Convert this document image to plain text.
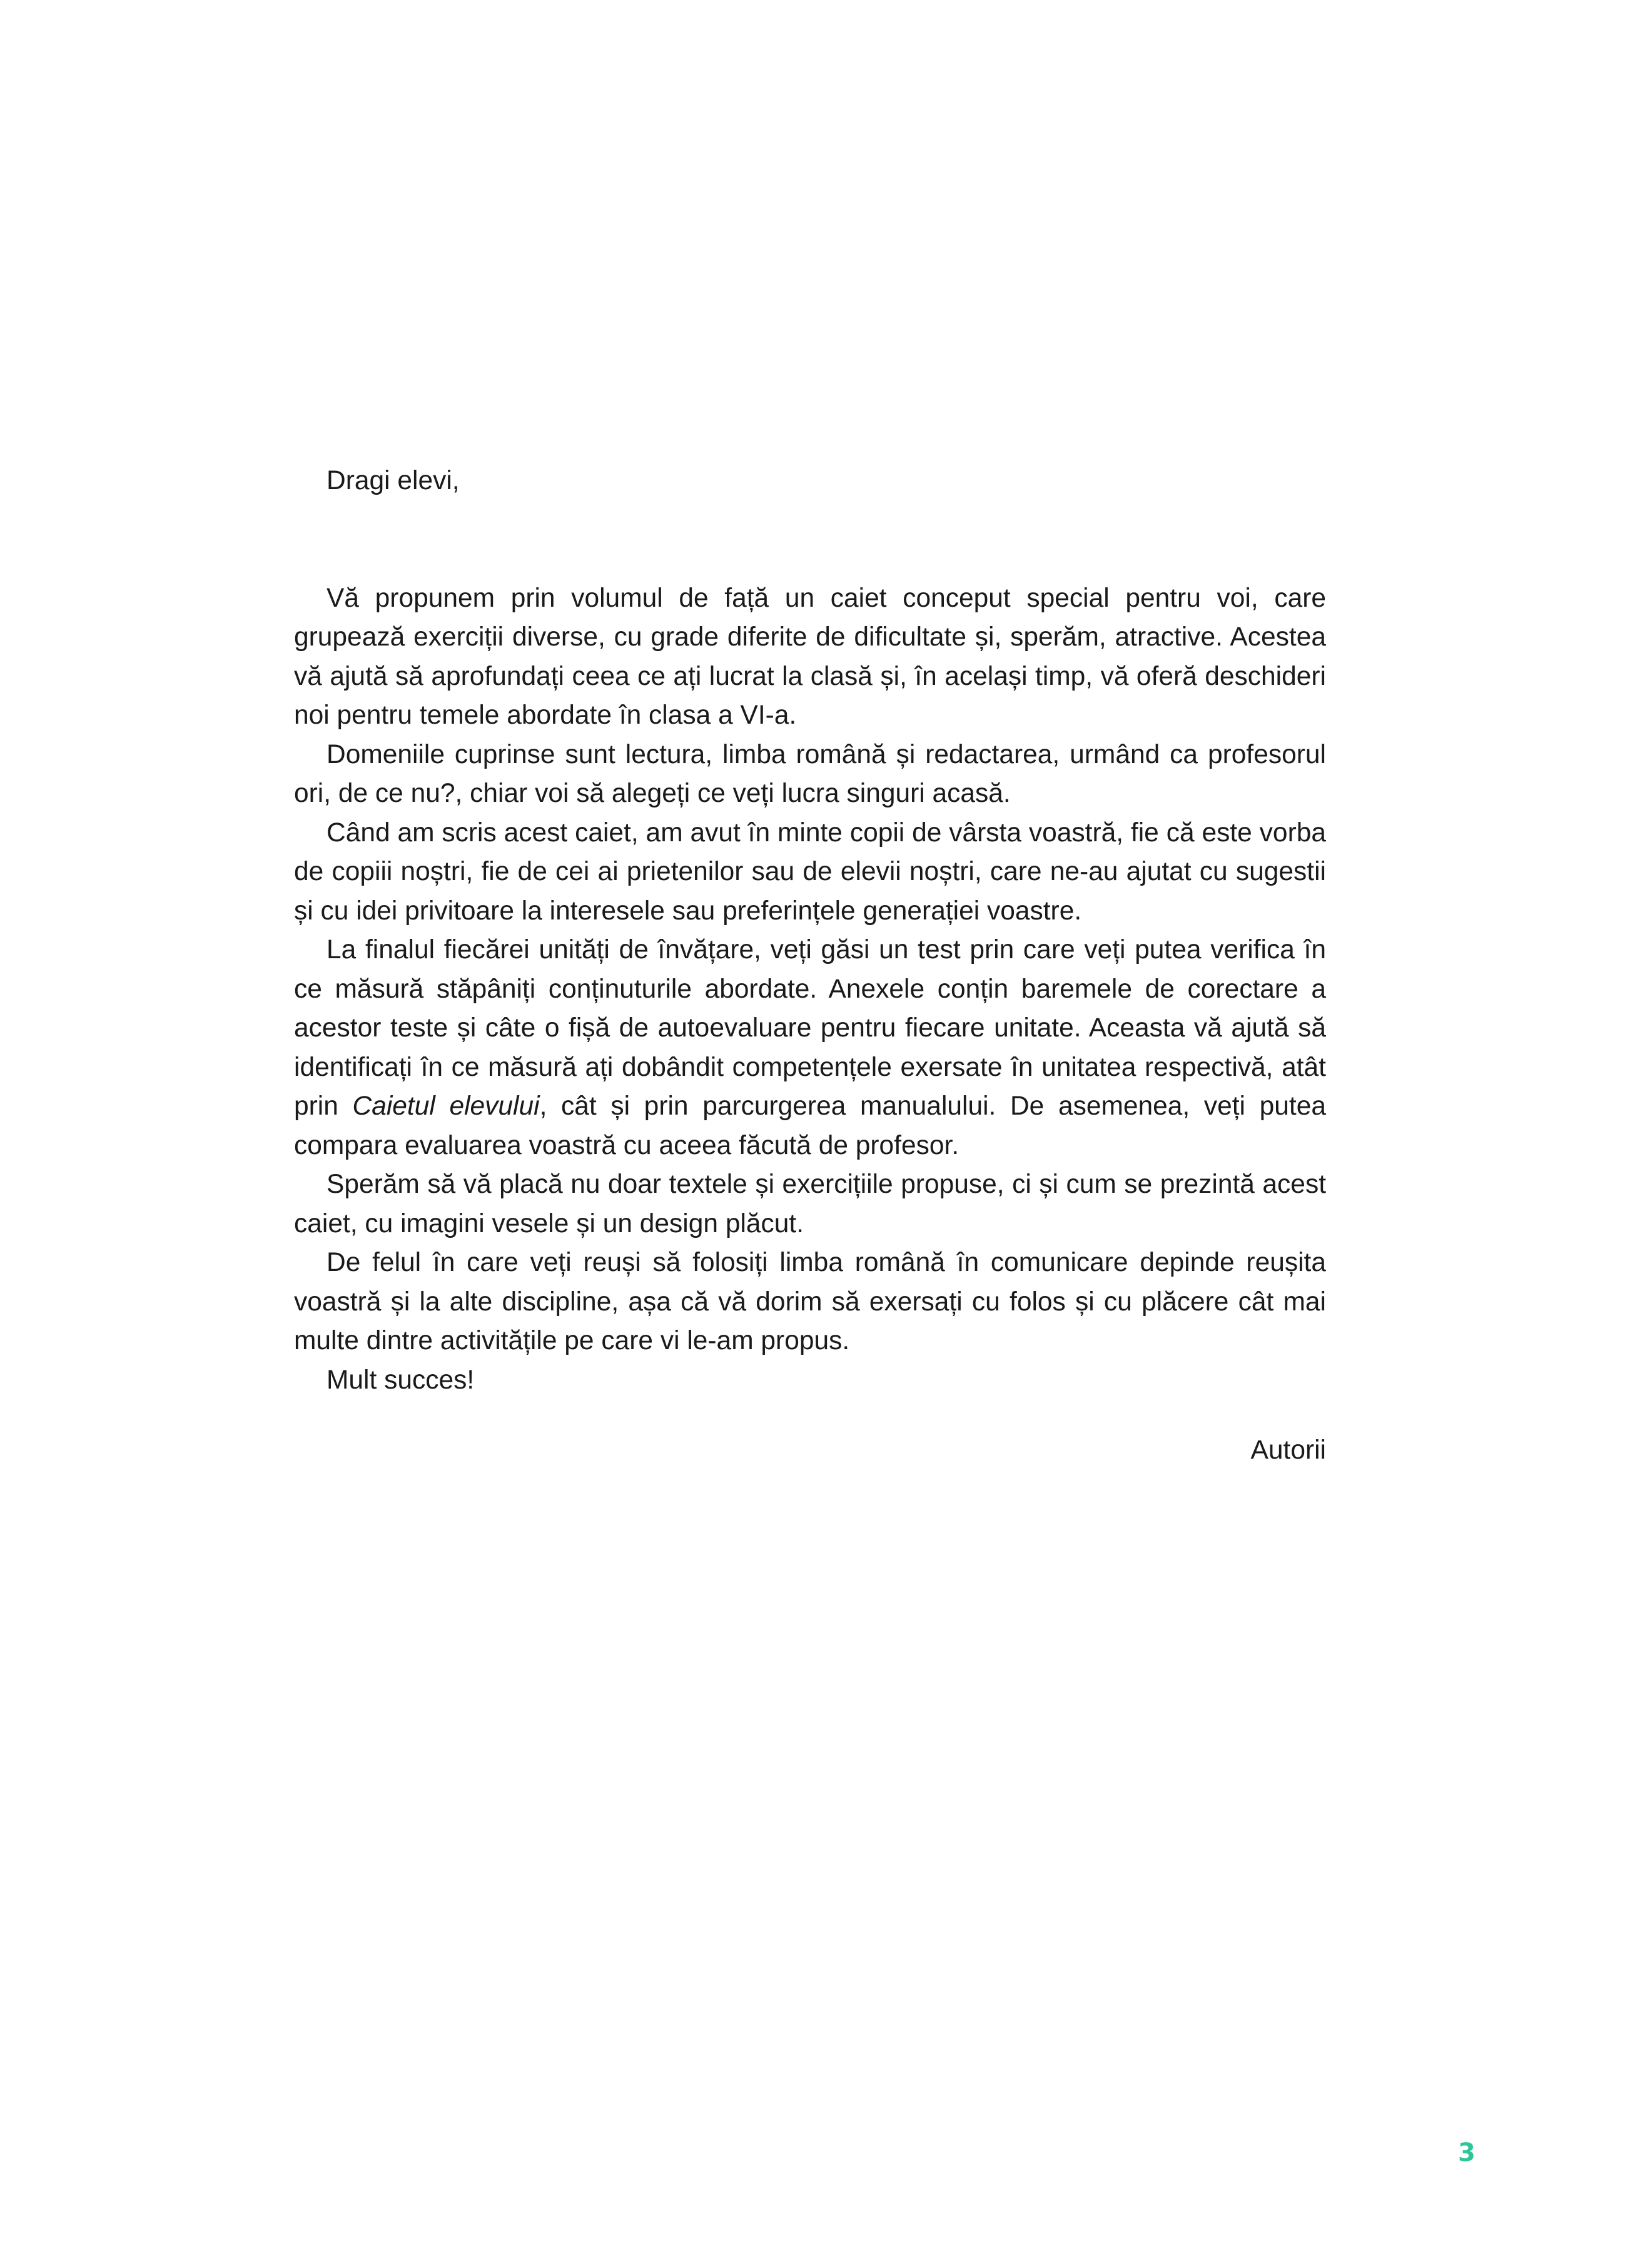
Dragi elevi,

Vă propunem prin volumul de față un caiet conceput special pentru voi, care grupează exerciții diverse, cu grade diferite de dificultate și, sperăm, atractive. Acestea vă ajută să aprofundați ceea ce ați lucrat la clasă și, în același timp, vă oferă deschideri noi pentru temele abordate în clasa a VI-a.

Domeniile cuprinse sunt lectura, limba română și redactarea, urmând ca profesorul ori, de ce nu?, chiar voi să alegeți ce veți lucra singuri acasă.

Când am scris acest caiet, am avut în minte copii de vârsta voastră, fie că este vorba de copiii noștri, fie de cei ai prietenilor sau de elevii noștri, care ne-au ajutat cu sugestii și cu idei privitoare la interesele sau preferințele generației voastre.

La finalul fiecărei unități de învățare, veți găsi un test prin care veți putea verifica în ce măsură stăpâniți conținuturile abordate. Anexele conțin baremele de corectare a acestor teste și câte o fișă de autoevaluare pentru fiecare unitate. Aceasta vă ajută să identificați în ce măsură ați dobândit competențele exersate în unitatea respectivă, atât prin Caietul elevului, cât și prin parcurgerea manualului. De asemenea, veți putea compara evaluarea voastră cu aceea făcută de profesor.

Sperăm să vă placă nu doar textele și exercițiile propuse, ci și cum se prezintă acest caiet, cu imagini vesele și un design plăcut.

De felul în care veți reuși să folosiți limba română în comunicare depinde reușita voastră și la alte discipline, așa că vă dorim să exersați cu folos și cu plăcere cât mai multe dintre activitățile pe care vi le-am propus.

Mult succes!

Autorii

3
